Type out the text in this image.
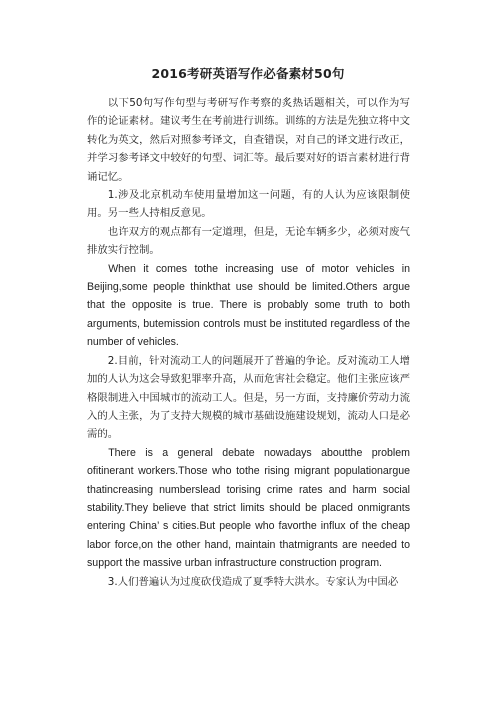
2016考研英语写作必备素材50句

以下50句写作句型与考研写作考察的炙热话题相关，可以作为写作的论证素材。建议考生在考前进行训练。训练的方法是先独立将中文转化为英文，然后对照参考译文，自查错误，对自己的译文进行改正，并学习参考译文中较好的句型、词汇等。最后要对好的语言素材进行背诵记忆。

1.涉及北京机动车使用量增加这一问题，有的人认为应该限制使用。另一些人持相反意见。

也许双方的观点都有一定道理，但是，无论车辆多少，必须对废气排放实行控制。

When it comes tothe increasing use of motor vehicles in Beijing,some people thinkthat use should be limited.Others argue that the opposite is true. There is probably some truth to both arguments, butemission controls must be instituted regardless of the number of vehicles.

2.目前，针对流动工人的问题展开了普遍的争论。反对流动工人增加的人认为这会导致犯罪率升高，从而危害社会稳定。他们主张应该严格限制进入中国城市的流动工人。但是，另一方面，支持廉价劳动力流入的人主张，为了支持大规模的城市基础设施建设规划，流动人口是必需的。

There is a general debate nowadays aboutthe problem ofitinerant workers.Those who tothe rising migrant populationargue thatincreasing numberslead torising crime rates and harm social stability.They believe that strict limits should be placed onmigrants entering China’ s cities.But people who favorthe influx of the cheap labor force,on the other hand, maintain thatmigrants are needed to support the massive urban infrastructure construction program.

3.人们普遍认为过度砍伐造成了夏季特大洪水。专家认为中国必
